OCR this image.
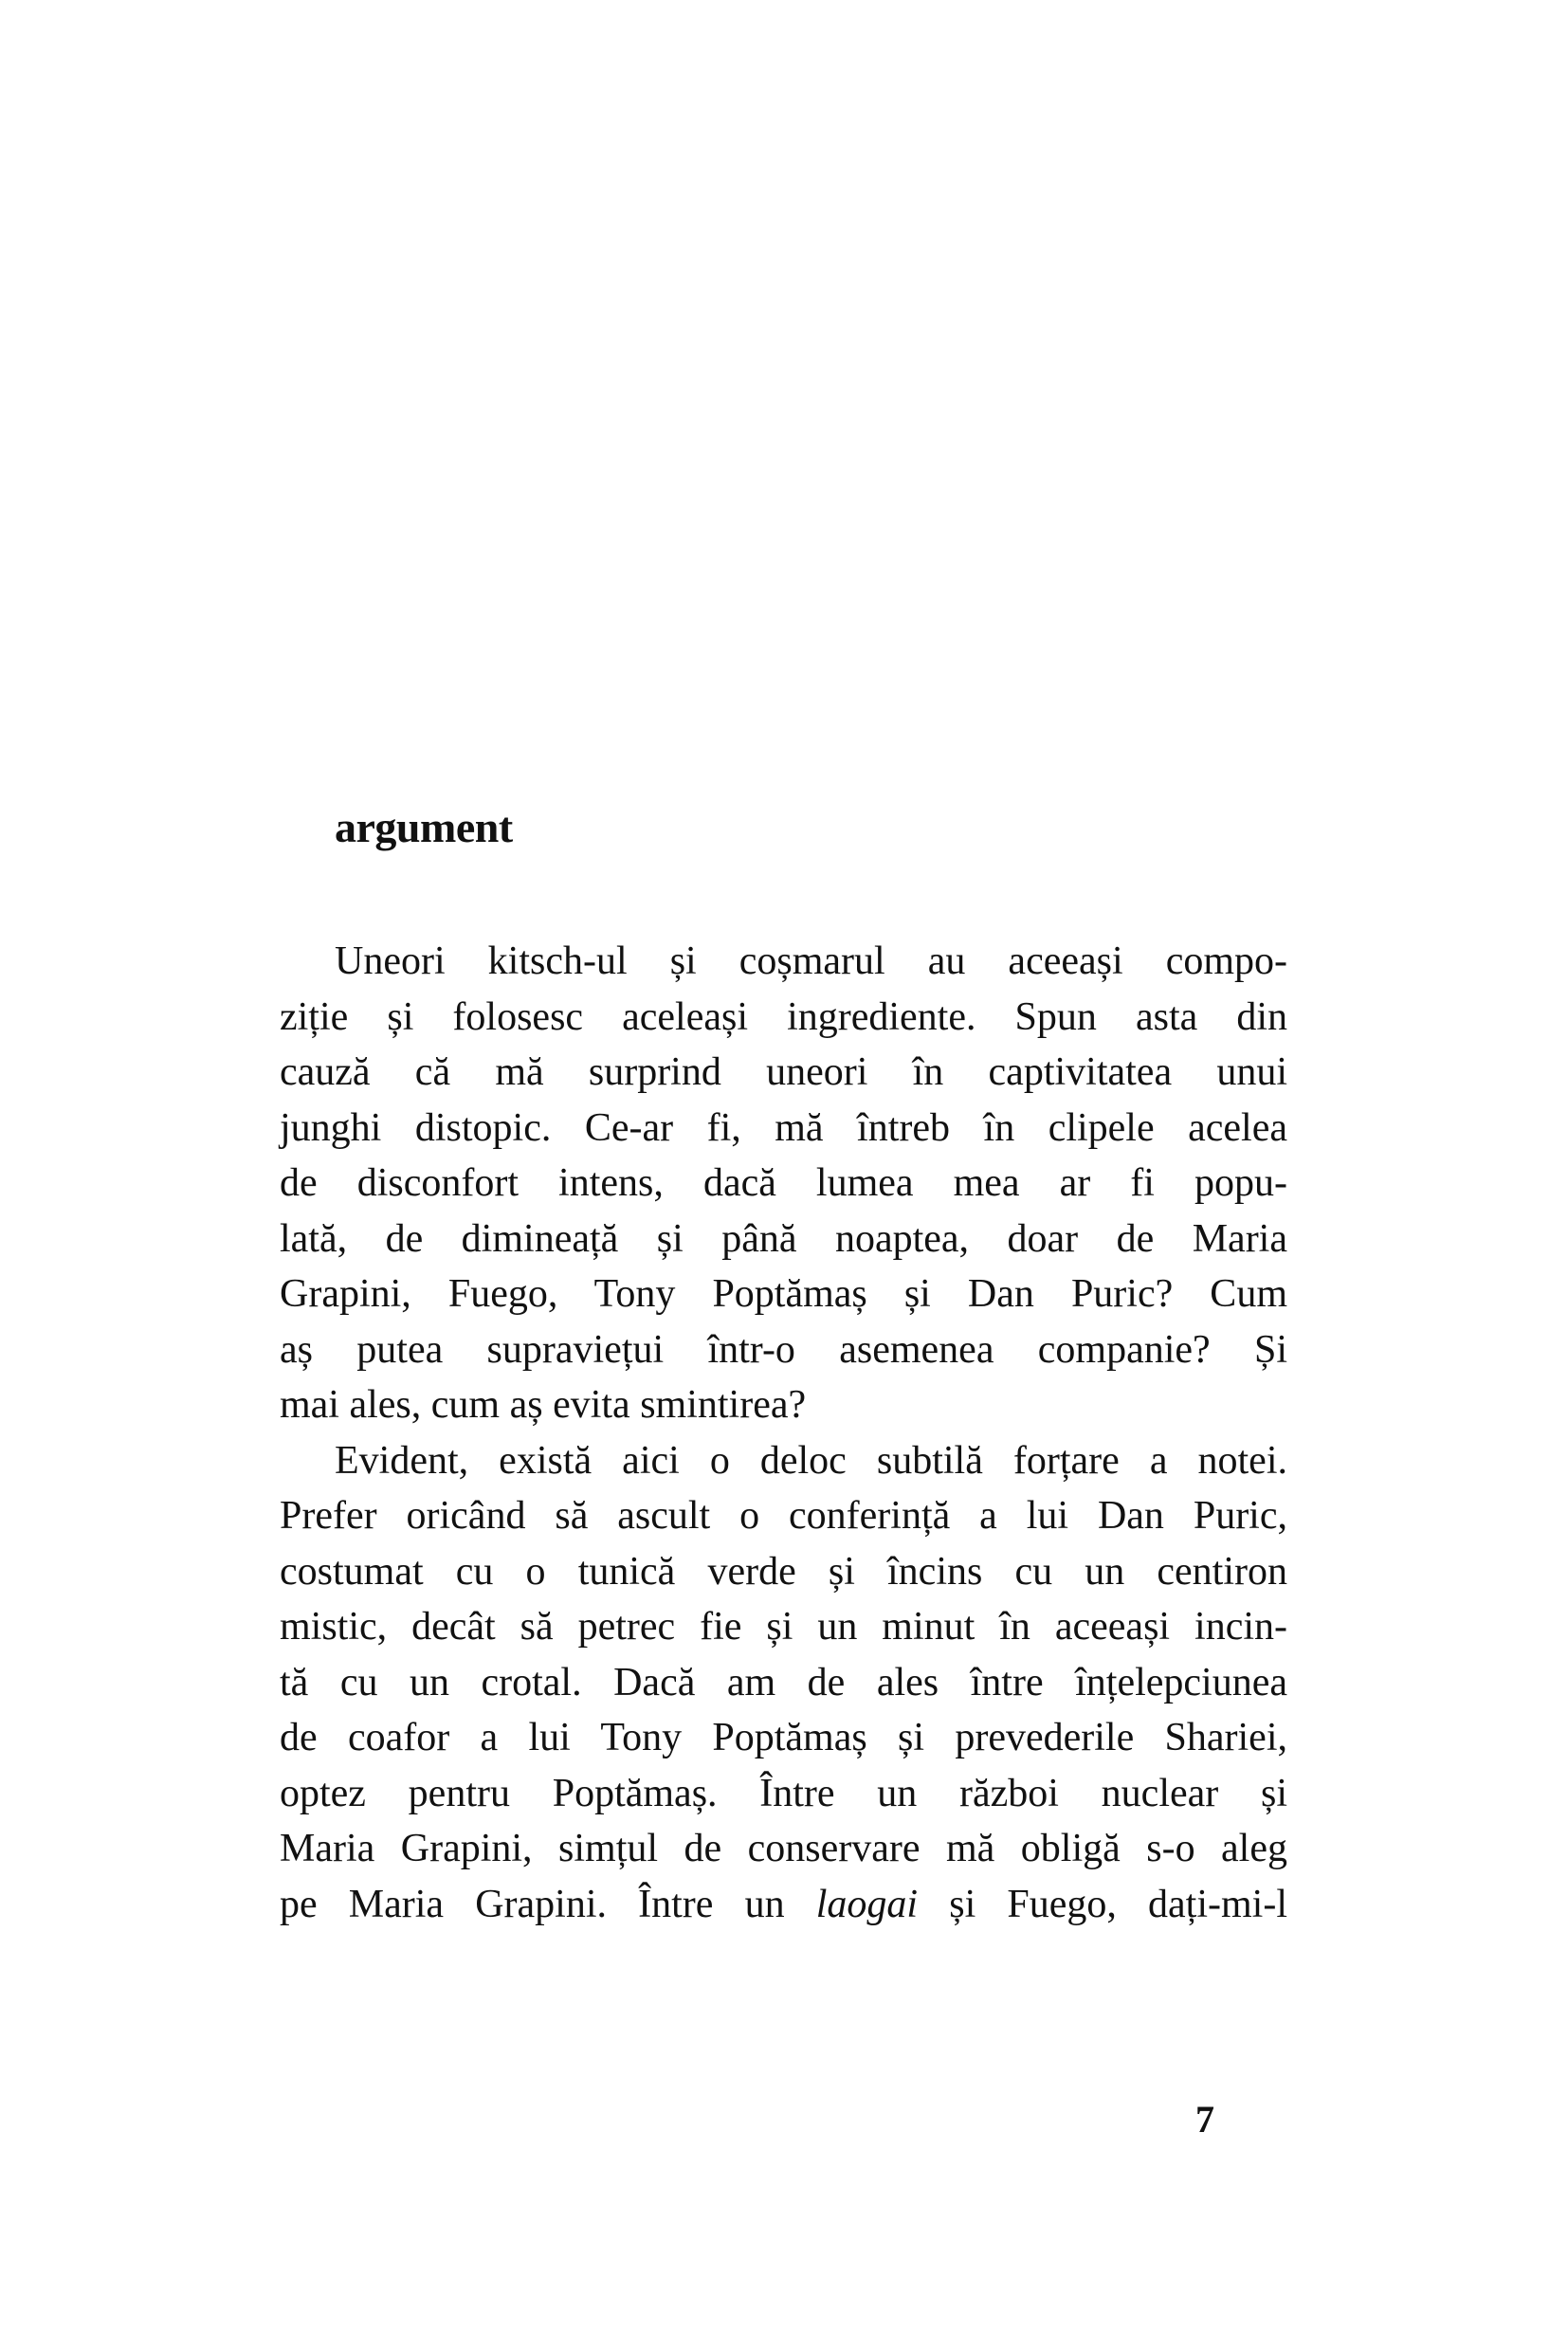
argument
Uneori kitsch-ul și coșmarul au aceeași compo-
ziție și folosesc aceleași ingrediente. Spun asta din
cauză că mă surprind uneori în captivitatea unui
junghi distopic. Ce-ar fi, mă întreb în clipele acelea
de disconfort intens, dacă lumea mea ar fi popu-
lată, de dimineață și până noaptea, doar de Maria
Grapini, Fuego, Tony Poptămaș și Dan Puric? Cum
aș putea supraviețui într-o asemenea companie? Și
mai ales, cum aș evita smintirea?
Evident, există aici o deloc subtilă forțare a notei.
Prefer oricând să ascult o conferință a lui Dan Puric,
costumat cu o tunică verde și încins cu un centiron
mistic, decât să petrec fie și un minut în aceeași incin-
tă cu un crotal. Dacă am de ales între înțelepciunea
de coafor a lui Tony Poptămaș și prevederile Shariei,
optez pentru Poptămaș. Între un război nuclear și
Maria Grapini, simțul de conservare mă obligă s-o aleg
pe Maria Grapini. Între un laogai și Fuego, dați-mi-l
7
